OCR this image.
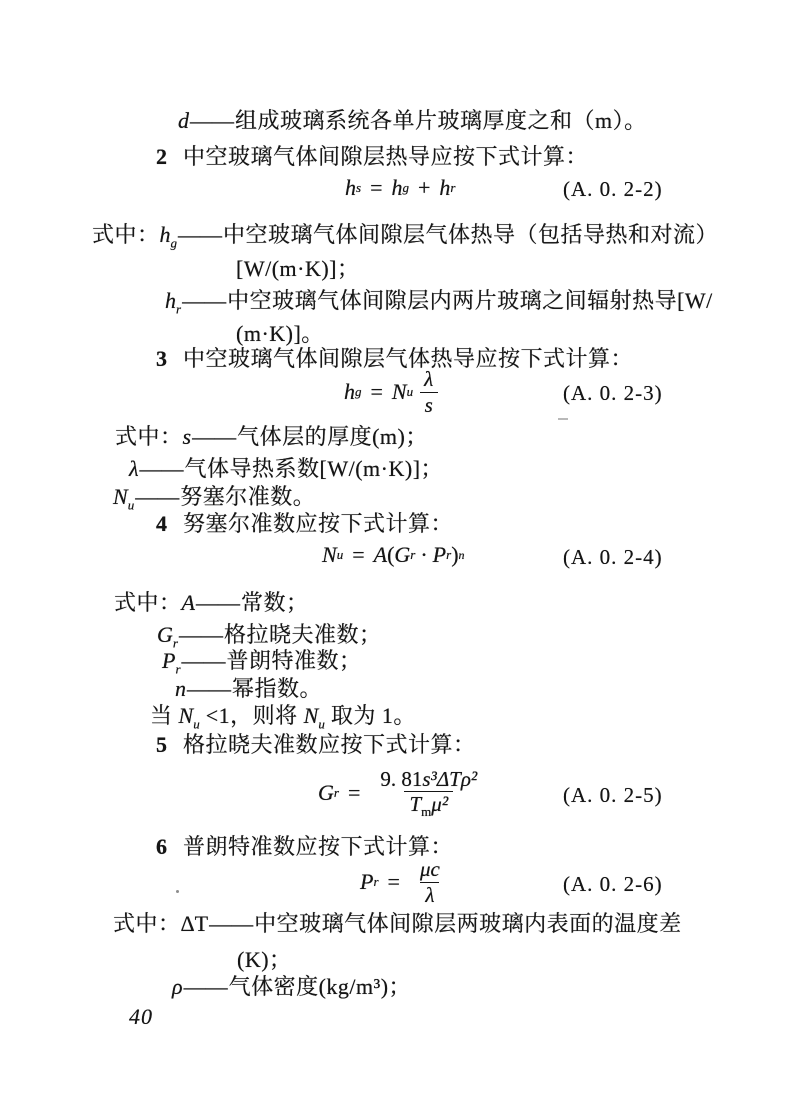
d——组成玻璃系统各单片玻璃厚度之和（m）。
2 中空玻璃气体间隙层热导应按下式计算：
h s = h g + h r	(A. 0. 2-2)
式中：$h_g——$中空玻璃气体间隙层气体热导（包括导热和对流）
[W/(m·K)]；
$h_r——$中空玻璃气体间隙层内两片玻璃之间辐射热导[W/
(m·K)]。
3 中空玻璃气体间隙层气体热导应按下式计算：
h g = N u $\frac{\lambda}{s}$	(A. 0. 2-3)
式中：s——气体层的厚度(m)；
λ——气体导热系数[W/(m·K)]；
$N_u——$努塞尔准数。
4 努塞尔准数应按下式计算：
N u = A ( G r · P r ) n	(A. 0. 2-4)
式中：A——常数；
$G_r——$格拉晓夫准数；
$P_r——$普朗特准数；
n——幂指数。
当 $N_u <1$，则将 $N_u$ 取为 1。
5 格拉晓夫准数应按下式计算：
G $r = \frac{\text{9. 81s³ΔTρ²}}{T_m\mu^2}$	(A. 0. 2-5)
6 普朗特准数应按下式计算：
P $r = \frac{\mu c}{\lambda}$	(A. 0. 2-6)
式中：ΔT——中空玻璃气体间隙层两玻璃内表面的温度差
(K)；
ρ——气体密度(kg/m³)；
40
